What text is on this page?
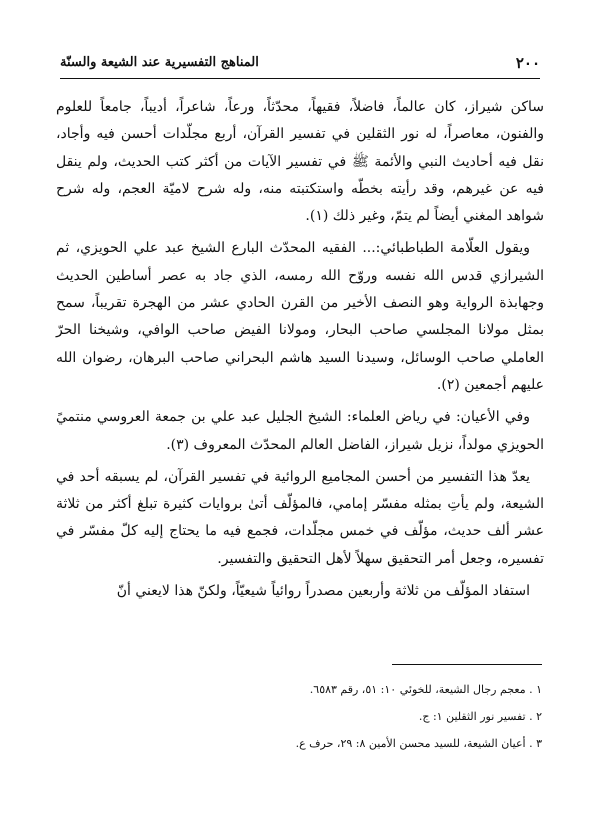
٢٠٠
المناهج التفسيرية عند الشيعة والسنّة

ساكن شيراز، كان عالماً، فاضلاً، فقيهاً، محدّثاً، ورعاً، شاعراً، أديباً، جامعاً للعلوم والفنون، معاصراً، له نور الثقلين في تفسير القرآن، أربع مجلّدات أحسن فيه وأجاد، نقل فيه أحاديث النبي والأئمة ﷺ في تفسير الآيات من أكثر كتب الحديث، ولم ينقل فيه عن غيرهم، وقد رأيته بخطّه واستكتبته منه، وله شرح لاميّة العجم، وله شرح شواهد المغني أيضاً لم يتمّ، وغير ذلك (١).

ويقول العلّامة الطباطبائي:... الفقيه المحدّث البارع الشيخ عبد علي الحويزي، ثم الشيرازي قدس الله نفسه وروّح الله رمسه، الذي جاد به عصر أساطين الحديث وجهابذة الرواية وهو النصف الأخير من القرن الحادي عشر من الهجرة تقريباً، سمح بمثل مولانا المجلسي صاحب البحار، ومولانا الفيض صاحب الوافي، وشيخنا الحرّ العاملي صاحب الوسائل، وسيدنا السيد هاشم البحراني صاحب البرهان، رضوان الله عليهم أجمعين (٢).

وفي الأعيان: في رياض العلماء: الشيخ الجليل عبد علي بن جمعة العروسي منتميً الحويزي مولداً، نزيل شيراز، الفاضل العالم المحدّث المعروف (٣).

يعدّ هذا التفسير من أحسن المجاميع الروائية في تفسير القرآن، لم يسبقه أحد في الشيعة، ولم يأتِ بمثله مفسّر إمامي، فالمؤلّف أتىٰ بروايات كثيرة تبلغ أكثر من ثلاثة عشر ألف حديث، مؤلّف في خمس مجلّدات، فجمع فيه ما يحتاج إليه كلّ مفسّر في تفسيره، وجعل أمر التحقيق سهلاً لأهل التحقيق والتفسير.

استفاد المؤلّف من ثلاثة وأربعين مصدراً روائياً شيعيّاً، ولكنّ هذا لايعني أنّ

١ . معجم رجال الشيعة، للخوئي ١٠: ٥١، رقم ٦٥٨٣.
٢ . تفسير نور الثقلين ١: ج.
٣ . أعيان الشيعة، للسيد محسن الأمين ٨: ٢٩، حرف ع.
